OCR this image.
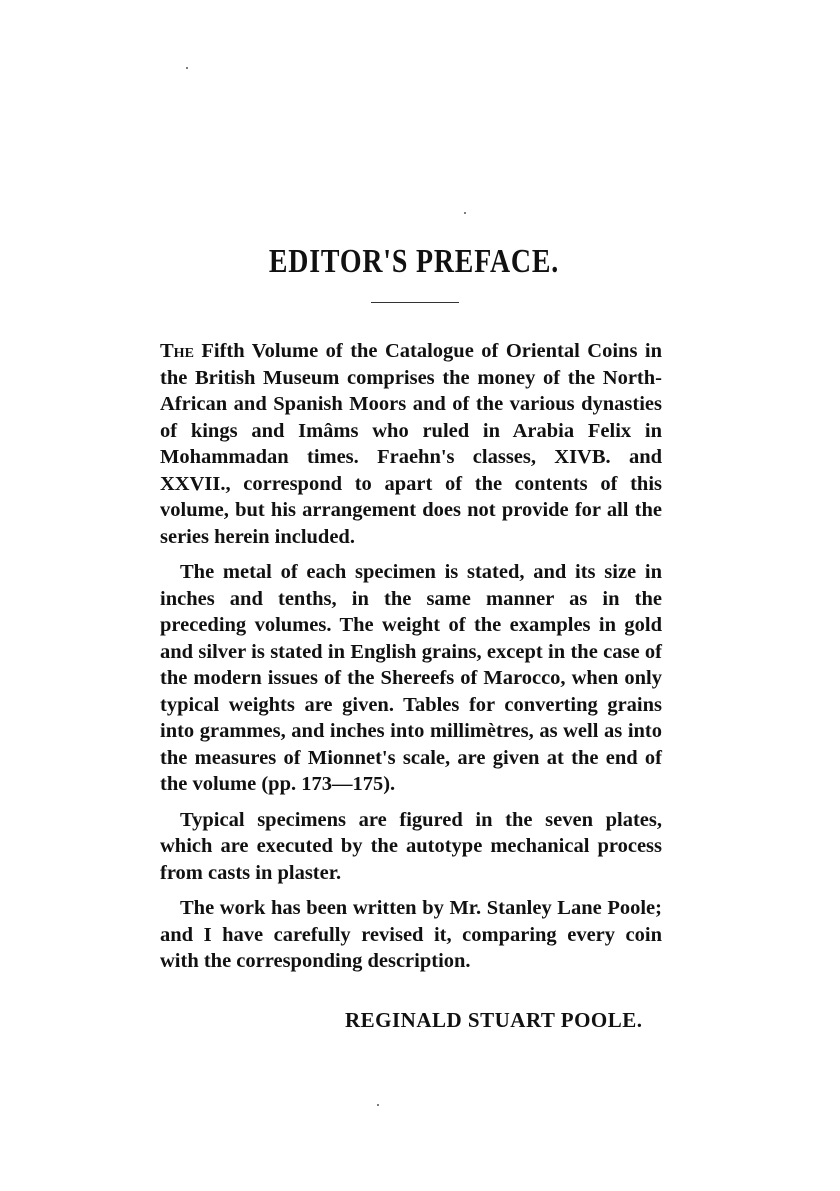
EDITOR'S PREFACE.

The Fifth Volume of the Catalogue of Oriental Coins in the British Museum comprises the money of the North-African and Spanish Moors and of the various dynasties of kings and Imâms who ruled in Arabia Felix in Mohammadan times. Fraehn's classes, XIVB. and XXVII., correspond to apart of the contents of this volume, but his arrangement does not provide for all the series herein included.

The metal of each specimen is stated, and its size in inches and tenths, in the same manner as in the preceding volumes. The weight of the examples in gold and silver is stated in English grains, except in the case of the modern issues of the Shereefs of Marocco, when only typical weights are given. Tables for converting grains into grammes, and inches into millimètres, as well as into the measures of Mionnet's scale, are given at the end of the volume (pp. 173—175).

Typical specimens are figured in the seven plates, which are executed by the autotype mechanical process from casts in plaster.

The work has been written by Mr. Stanley Lane Poole; and I have carefully revised it, comparing every coin with the corresponding description.

REGINALD STUART POOLE.
